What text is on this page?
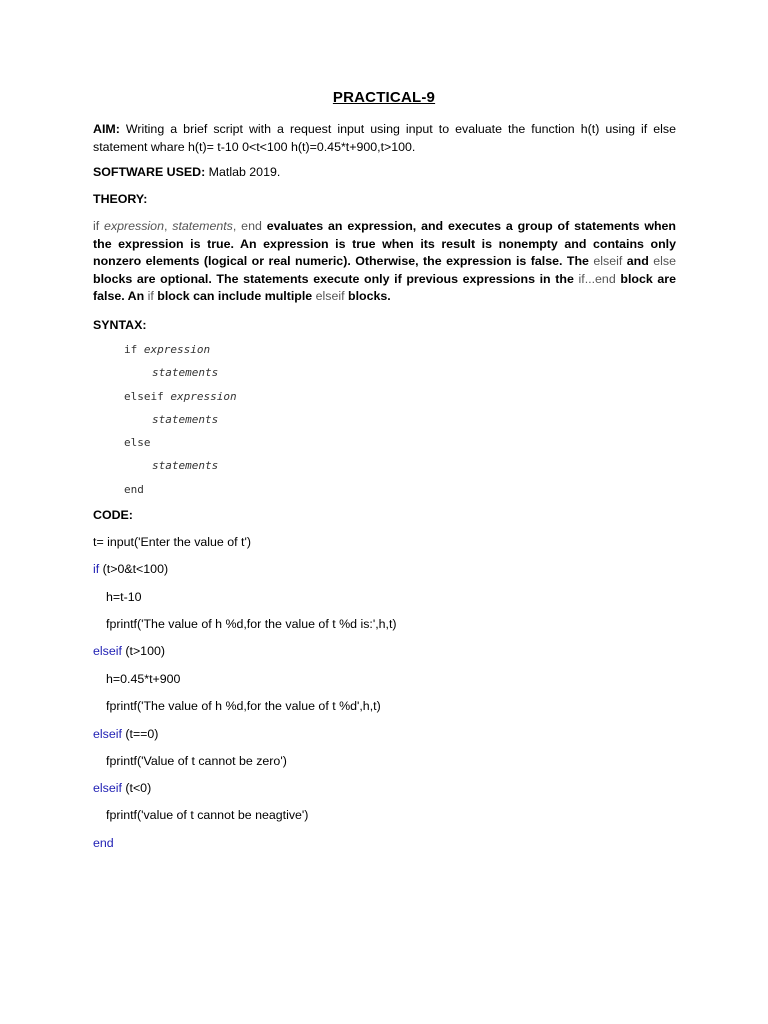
PRACTICAL-9
AIM: Writing a brief script with a request input using input to evaluate the function h(t) using if else statement whare h(t)= t-10 0<t<100 h(t)=0.45*t+900,t>100.
SOFTWARE USED: Matlab 2019.
THEORY:
if expression, statements, end evaluates an expression, and executes a group of statements when the expression is true. An expression is true when its result is nonempty and contains only nonzero elements (logical or real numeric). Otherwise, the expression is false. The elseif and else blocks are optional. The statements execute only if previous expressions in the if...end block are false. An if block can include multiple elseif blocks.
SYNTAX:
if expression
statements
elseif expression
statements
else
statements
end
CODE:
t= input('Enter the value of t')
if (t>0&t<100)
h=t-10
fprintf('The value of h %d,for the value of t %d is:',h,t)
elseif (t>100)
h=0.45*t+900
fprintf('The value of h %d,for the value of t %d',h,t)
elseif (t==0)
fprintf('Value of t cannot be zero')
elseif (t<0)
fprintf('value of t cannot be neagtive')
end
